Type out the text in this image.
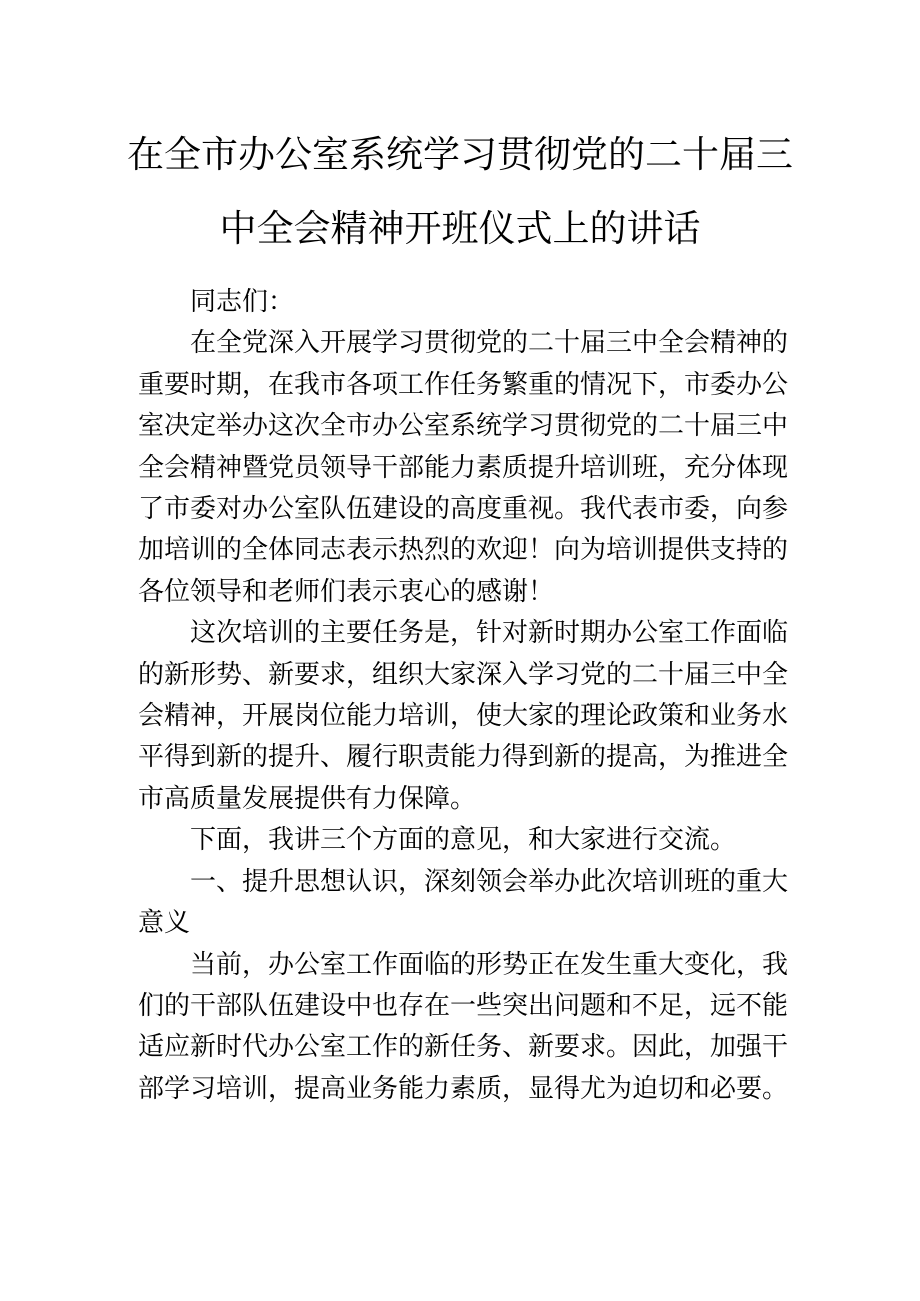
在全市办公室系统学习贯彻党的二十届三
中全会精神开班仪式上的讲话

同志们：

在全党深入开展学习贯彻党的二十届三中全会精神的重要时期，在我市各项工作任务繁重的情况下，市委办公室决定举办这次全市办公室系统学习贯彻党的二十届三中全会精神暨党员领导干部能力素质提升培训班，充分体现了市委对办公室队伍建设的高度重视。我代表市委，向参加培训的全体同志表示热烈的欢迎！向为培训提供支持的各位领导和老师们表示衷心的感谢！

这次培训的主要任务是，针对新时期办公室工作面临的新形势、新要求，组织大家深入学习党的二十届三中全会精神，开展岗位能力培训，使大家的理论政策和业务水平得到新的提升、履行职责能力得到新的提高，为推进全市高质量发展提供有力保障。

下面，我讲三个方面的意见，和大家进行交流。

一、提升思想认识，深刻领会举办此次培训班的重大意义

当前，办公室工作面临的形势正在发生重大变化，我们的干部队伍建设中也存在一些突出问题和不足，远不能适应新时代办公室工作的新任务、新要求。因此，加强干部学习培训，提高业务能力素质，显得尤为迫切和必要。
